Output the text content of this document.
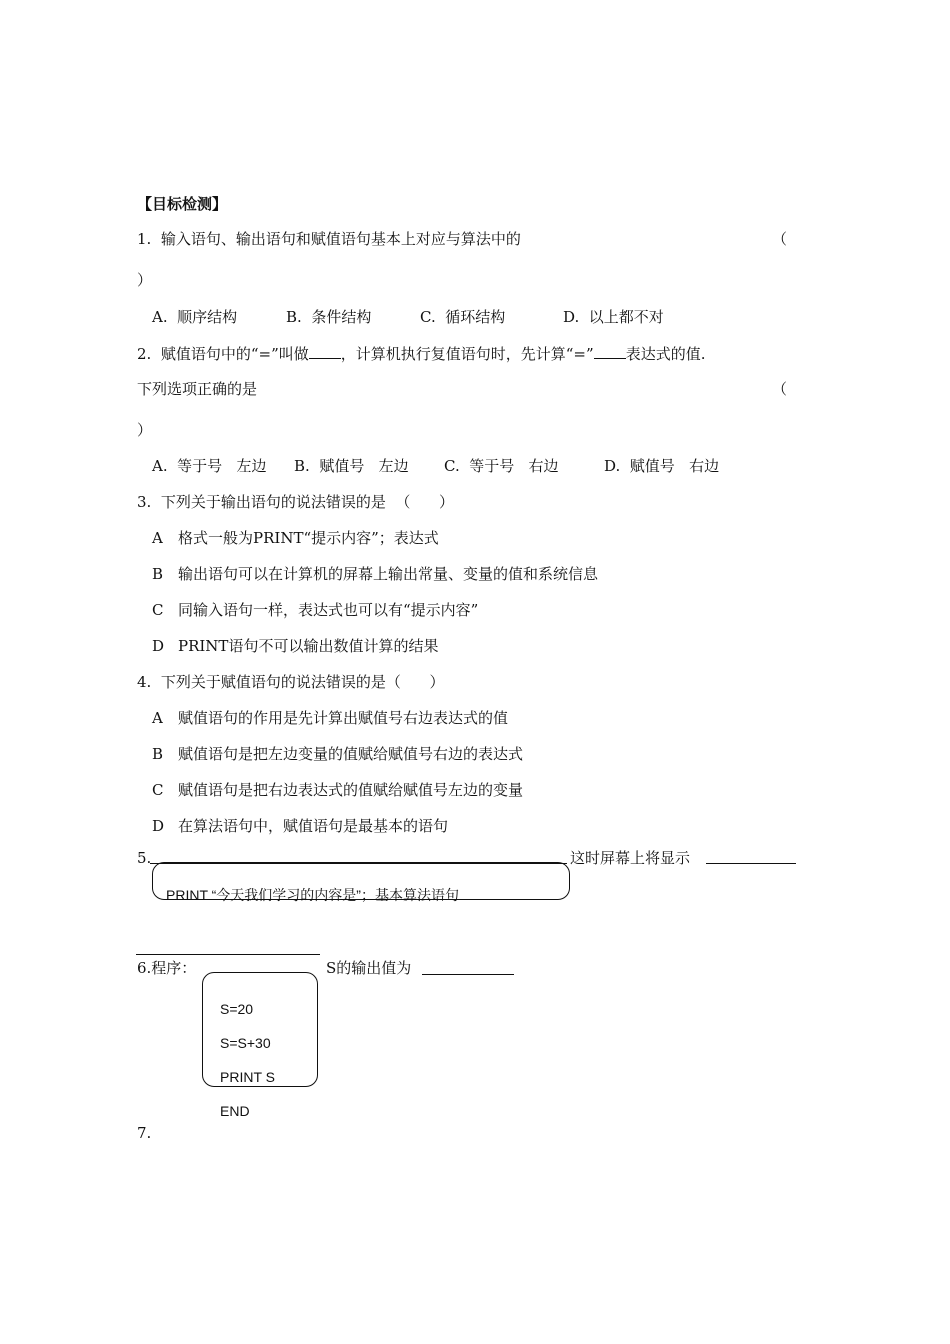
【目标检测】
1.  输入语句、输出语句和赋值语句基本上对应与算法中的	（
）
A.  顺序结构	B.  条件结构	C.  循环结构	D.  以上都不对
2.  赋值语句中的“=”叫做 ，计算机执行复值语句时，先计算“=” 表达式的值.
下列选项正确的是	（
）
A.  等于号   左边 B.  赋值号   左边 C.  等于号   右边	D.  赋值号   右边
3.  下列关于输出语句的说法错误的是  （      ）
A 格式一般为PRINT“提示内容”；表达式
B 输出语句可以在计算机的屏幕上输出常量、变量的值和系统信息
C 同输入语句一样，表达式也可以有“提示内容”
D PRINT语句不可以输出数值计算的结果
4.  下列关于赋值语句的说法错误的是（      ）
A 赋值语句的作用是先计算出赋值号右边表达式的值
B 赋值语句是把左边变量的值赋给赋值号右边的表达式
C 赋值语句是把右边表达式的值赋给赋值号左边的变量
D 在算法语句中，赋值语句是最基本的语句
5.	这时屏幕上将显示
PRINT “今天我们学习的内容是”；基本算法语句
6.程序：	S的输出值为
S=20
S=S+30
PRINT S
END
7.
